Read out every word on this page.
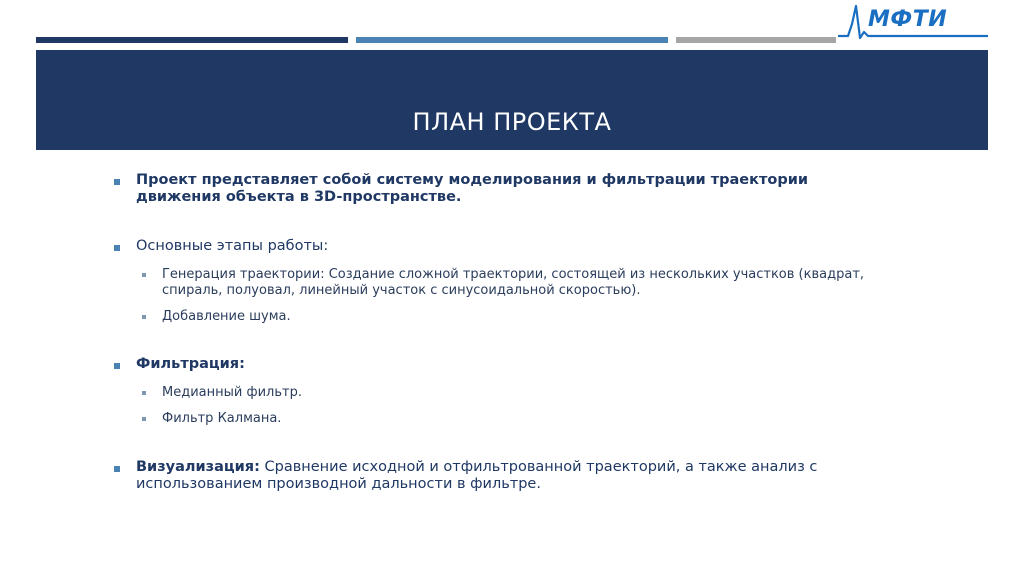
МФТИ
ПЛАН ПРОЕКТА
Проект представляет собой систему моделирования и фильтрации траектории движения объекта в 3D-пространстве.
Основные этапы работы:
Генерация траектории: Создание сложной траектории, состоящей из нескольких участков (квадрат, спираль, полуовал, линейный участок с синусоидальной скоростью).
Добавление шума.
Фильтрация:
Медианный фильтр.
Фильтр Калмана.
Визуализация: Сравнение исходной и отфильтрованной траекторий, а также анализ с использованием производной дальности в фильтре.
